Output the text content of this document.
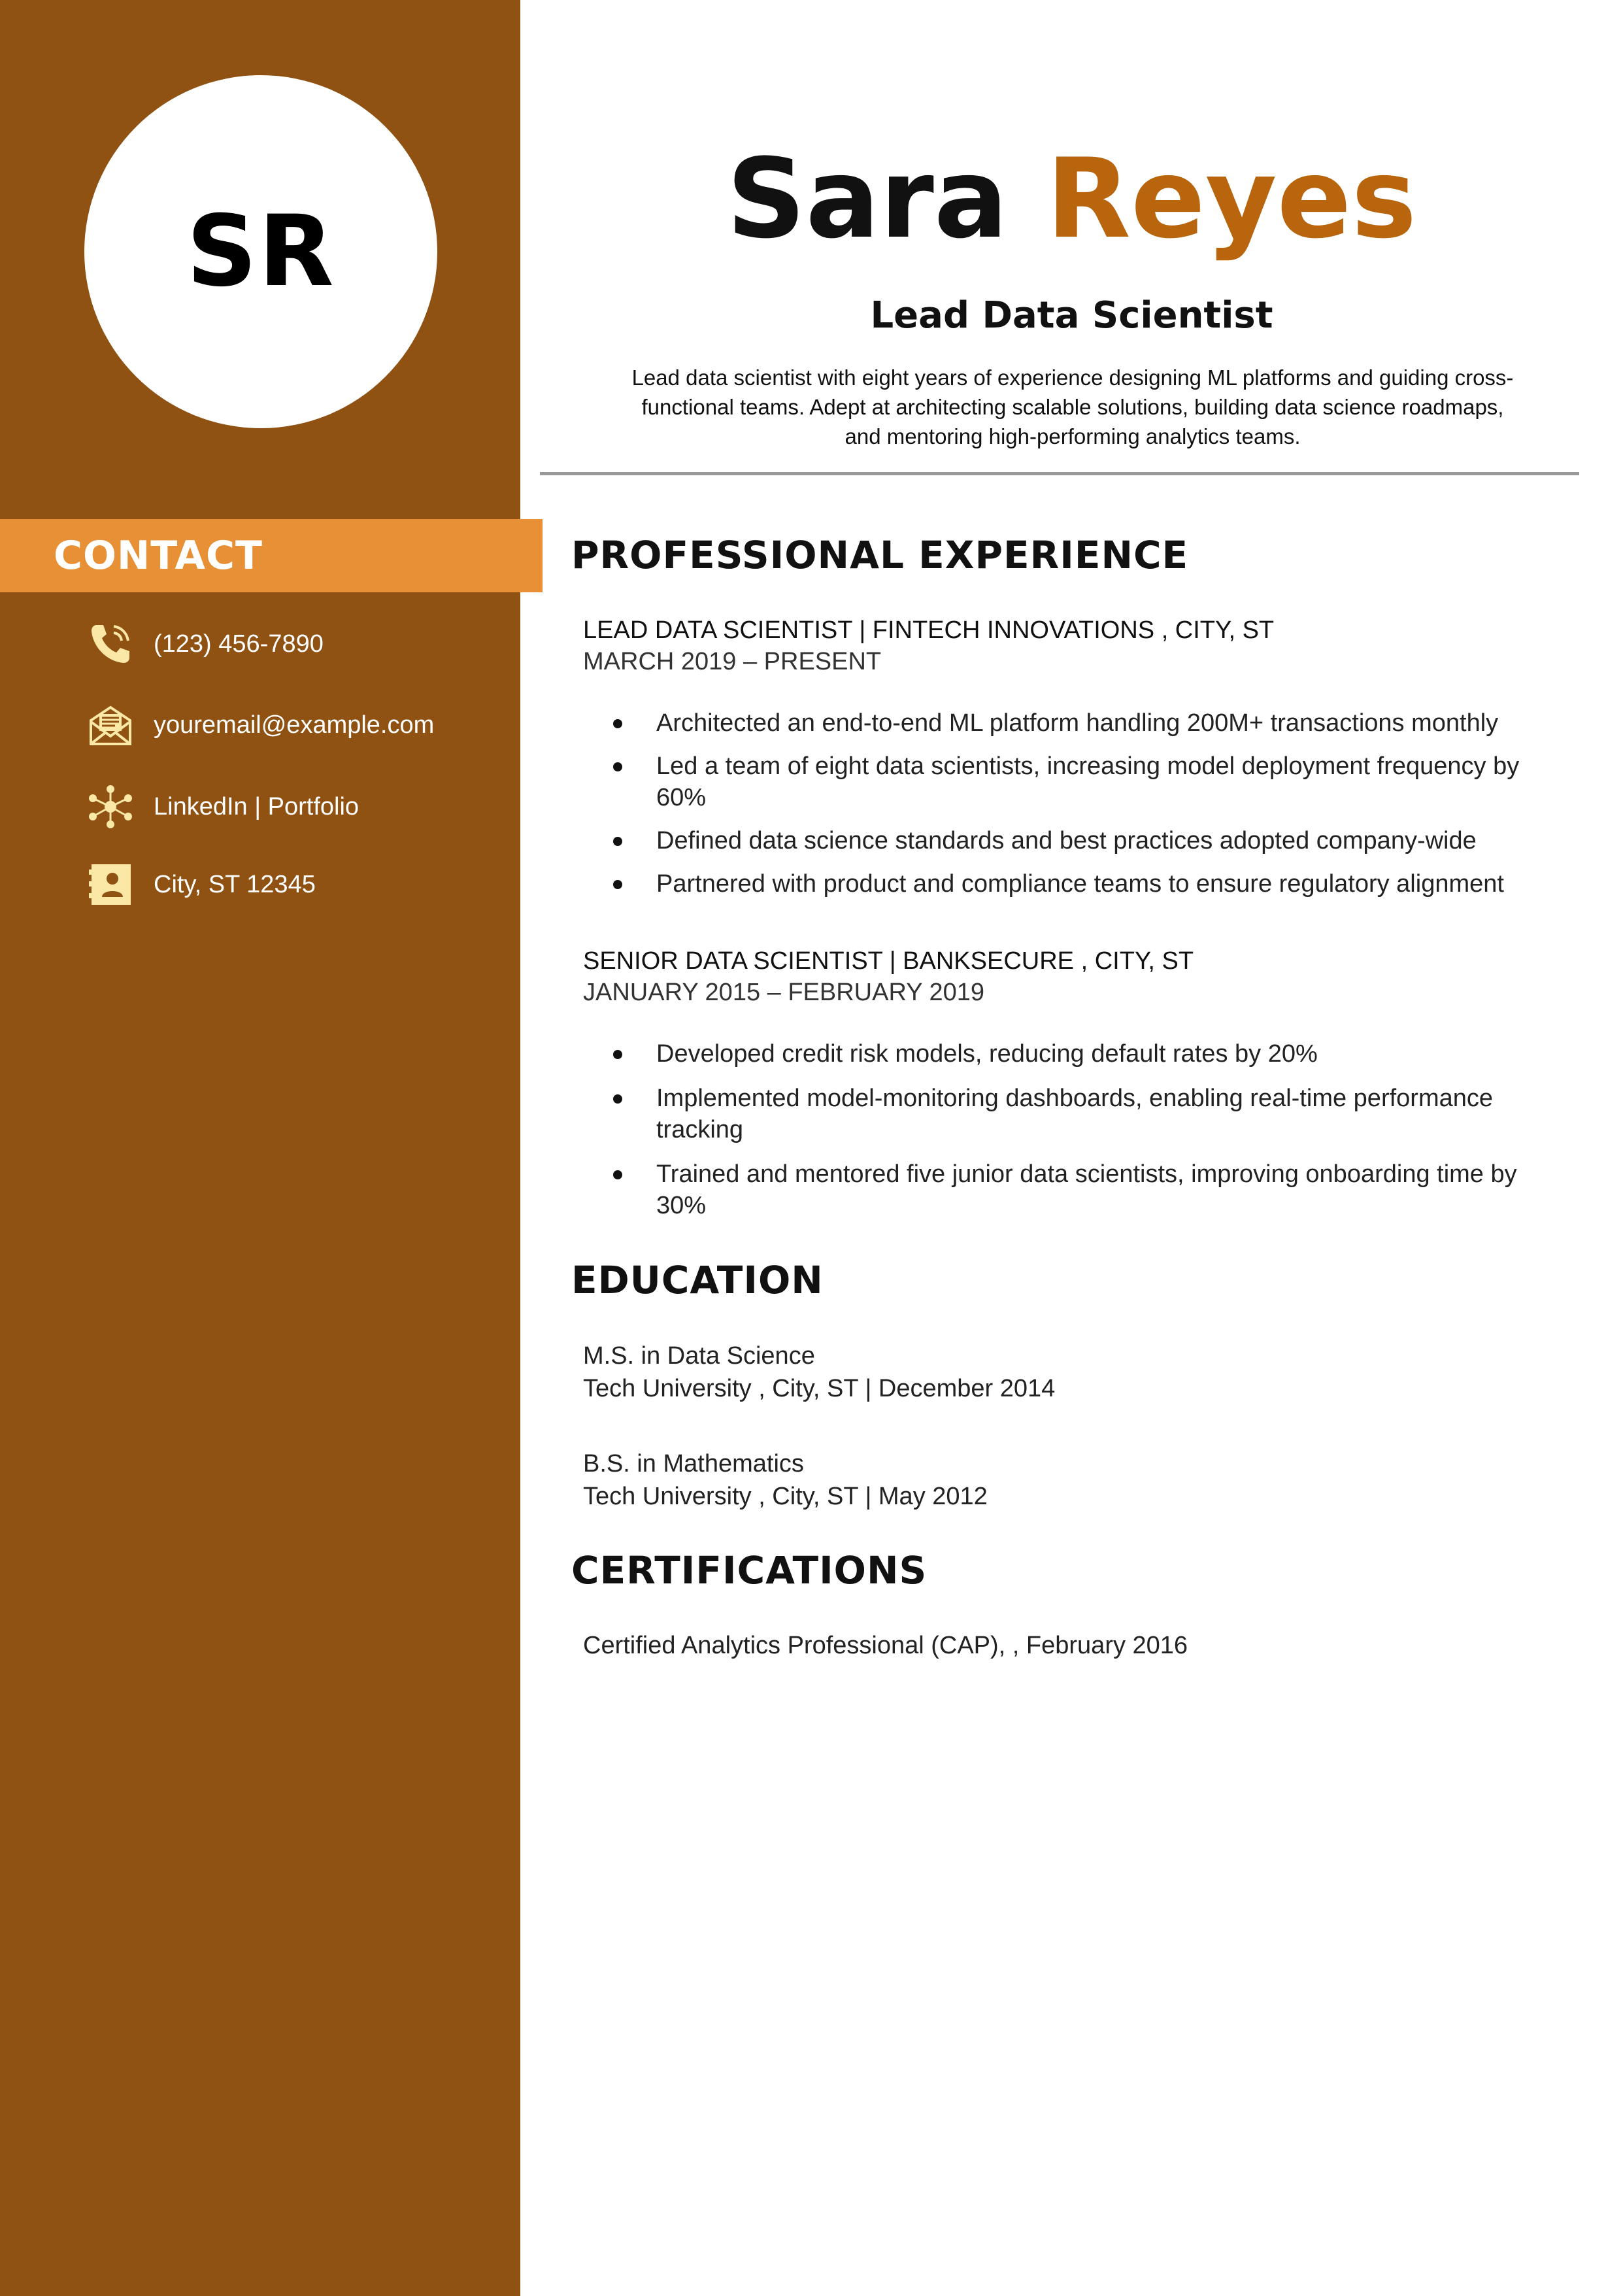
SR
CONTACT
(123) 456-7890
youremail@example.com
LinkedIn | Portfolio
City, ST 12345
Sara Reyes
Lead Data Scientist
Lead data scientist with eight years of experience designing ML platforms and guiding cross-
functional teams. Adept at architecting scalable solutions, building data science roadmaps,
and mentoring high-performing analytics teams.
PROFESSIONAL EXPERIENCE
LEAD DATA SCIENTIST | FINTECH INNOVATIONS , CITY, ST
MARCH 2019 – PRESENT
Architected an end-to-end ML platform handling 200M+ transactions monthly
Led a team of eight data scientists, increasing model deployment frequency by 60%
Defined data science standards and best practices adopted company-wide
Partnered with product and compliance teams to ensure regulatory alignment
SENIOR DATA SCIENTIST | BANKSECURE , CITY, ST
JANUARY 2015 – FEBRUARY 2019
Developed credit risk models, reducing default rates by 20%
Implemented model-monitoring dashboards, enabling real-time performance tracking
Trained and mentored five junior data scientists, improving onboarding time by 30%
EDUCATION
M.S. in Data Science
Tech University , City, ST | December 2014
B.S. in Mathematics
Tech University , City, ST | May 2012
CERTIFICATIONS
Certified Analytics Professional (CAP), , February 2016
